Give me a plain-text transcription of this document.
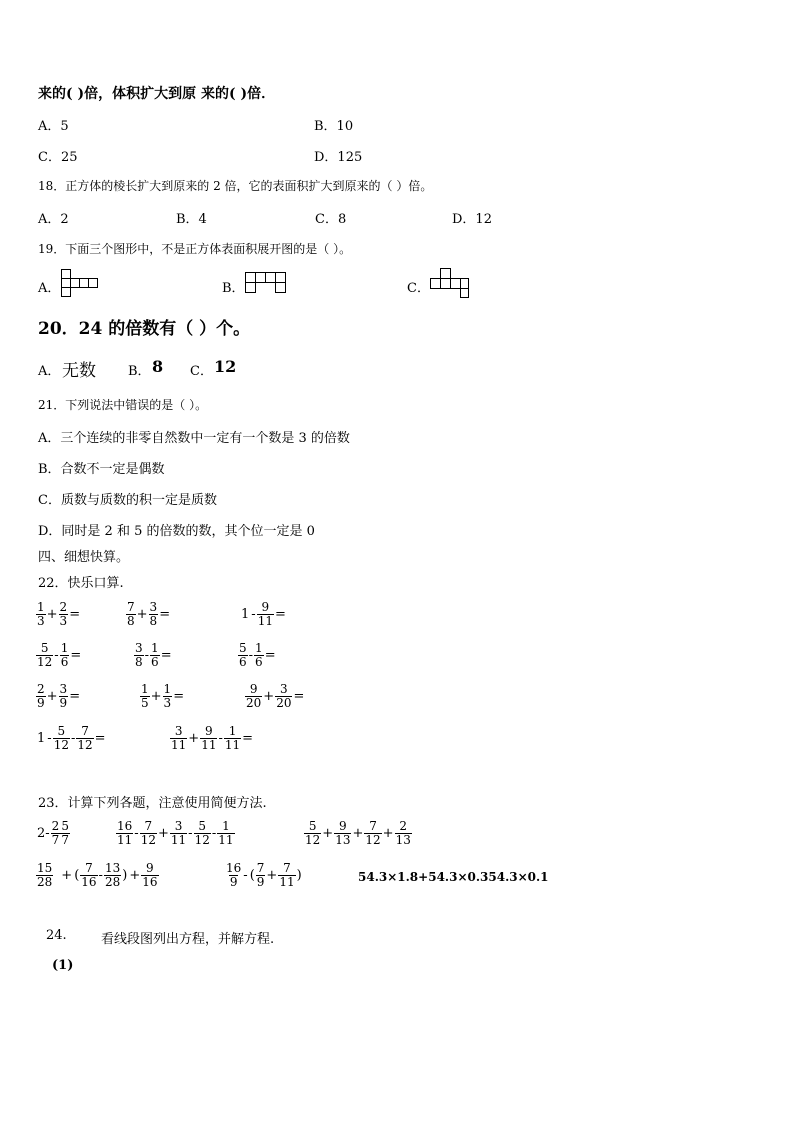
来的( )倍，体积扩大到原 来的( )倍．
A．5	B．10
C．25	D．125
18．正方体的棱长扩大到原来的 2 倍，它的表面积扩大到原来的（ ）倍。
A．2	B．4	C．8	D．12
19．下面三个图形中，不是正方体表面积展开图的是（ ）。
A．	B．	C．
20．24 的倍数有（ ）个。
A． 无数 B． 8 C． 12
21．下列说法中错误的是（ ）。
A．三个连续的非零自然数中一定有一个数是 3 的倍数
B．合数不一定是偶数
C．质数与质数的积一定是质数
D．同时是 2 和 5 的倍数的数，其个位一定是 0
四、细想快算。
22．快乐口算.
$\frac{1}{3} + \frac{2}{3}$ =	$\frac{7}{8} + \frac{3}{8}$ =	$1 - \frac{9}{11}$ =
$\frac{5}{12} - \frac{1}{6}$ =	$\frac{3}{8} - \frac{1}{6}$ =	$\frac{5}{6} - \frac{1}{6}$ =
$\frac{2}{9} + \frac{3}{9}$ =	$\frac{1}{5} + \frac{1}{3}$ =	$\frac{9}{20} + \frac{3}{20}$ =
$1 - \frac{5}{12} - \frac{7}{12}$ =	$\frac{3}{11} + \frac{9}{11} - \frac{1}{11}$ =
23．计算下列各题，注意使用简便方法.
$2- \frac{2}{7} \frac{5}{7}$	$\frac{16}{11} - \frac{7}{12} + \frac{3}{11} - \frac{5}{12} - \frac{1}{11}$	$\frac{5}{12} + \frac{9}{13} + \frac{7}{12} + \frac{2}{13}$
$\frac{15}{28}$ + ( $\frac{7}{16} - \frac{13}{28}$ ) + $\frac{9}{16}$	$\frac{16}{9}$ - ( $\frac{7}{9} + \frac{7}{11}$ )	54.3×1.8+54.3×0.354.3×0.1
24.	看线段图列出方程，并解方程.
(1)
